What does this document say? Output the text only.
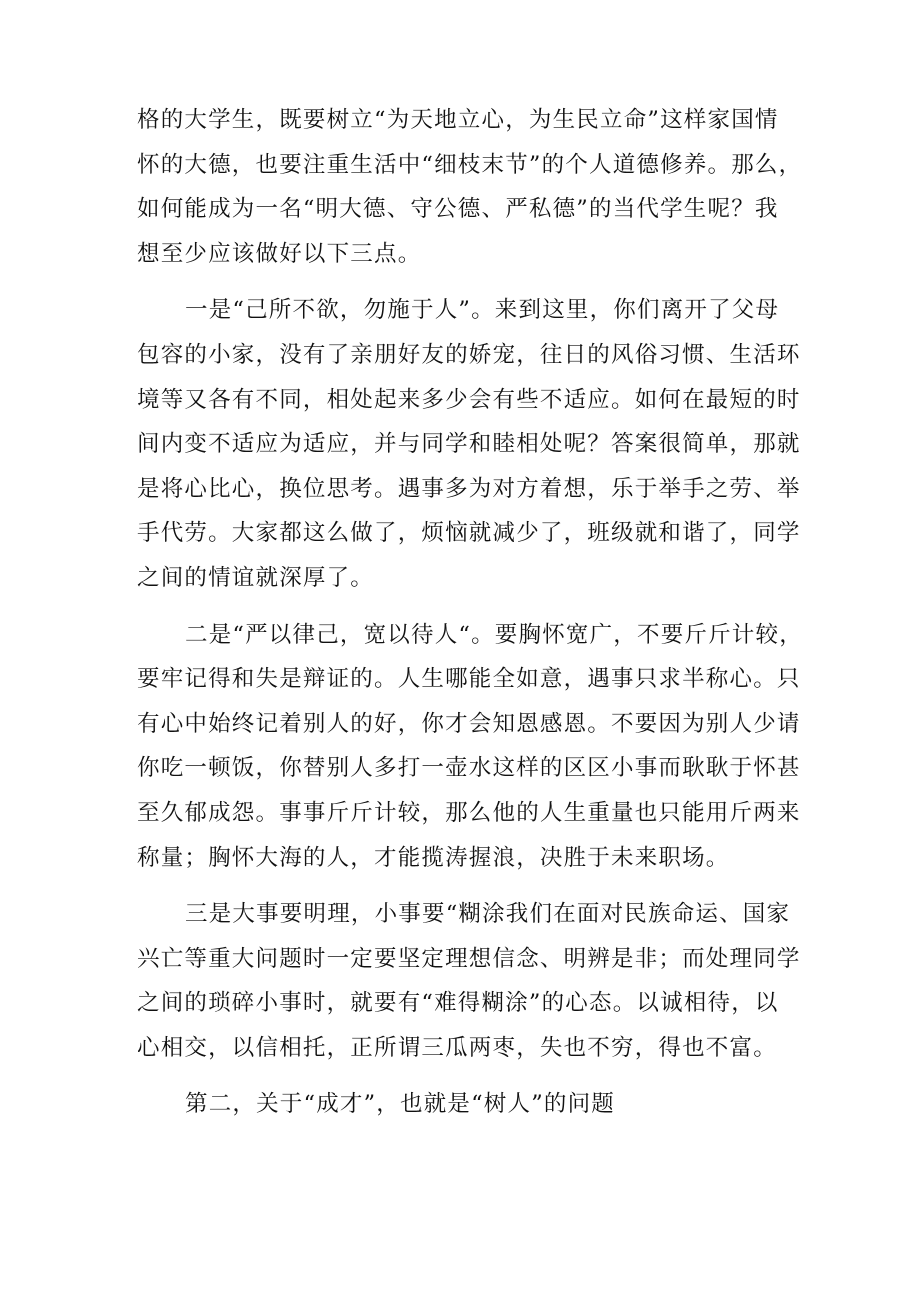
格的大学生，既要树立“为天地立心，为生民立命”这样家国情
怀的大德，也要注重生活中“细枝末节”的个人道德修养。那么，
如何能成为一名“明大德、守公德、严私德”的当代学生呢？我
想至少应该做好以下三点。
一是“己所不欲，勿施于人”。来到这里，你们离开了父母
包容的小家，没有了亲朋好友的娇宠，往日的风俗习惯、生活环
境等又各有不同，相处起来多少会有些不适应。如何在最短的时
间内变不适应为适应，并与同学和睦相处呢？答案很简单，那就
是将心比心，换位思考。遇事多为对方着想，乐于举手之劳、举
手代劳。大家都这么做了，烦恼就减少了，班级就和谐了，同学
之间的情谊就深厚了。
二是“严以律己，宽以待人“。要胸怀宽广，不要斤斤计较，
要牢记得和失是辩证的。人生哪能全如意，遇事只求半称心。只
有心中始终记着别人的好，你才会知恩感恩。不要因为别人少请
你吃一顿饭，你替别人多打一壶水这样的区区小事而耿耿于怀甚
至久郁成怨。事事斤斤计较，那么他的人生重量也只能用斤两来
称量；胸怀大海的人，才能揽涛握浪，决胜于未来职场。
三是大事要明理，小事要“糊涂我们在面对民族命运、国家
兴亡等重大问题时一定要坚定理想信念、明辨是非；而处理同学
之间的琐碎小事时，就要有“难得糊涂”的心态。以诚相待，以
心相交，以信相托，正所谓三瓜两枣，失也不穷，得也不富。
第二，关于“成才”，也就是“树人”的问题
